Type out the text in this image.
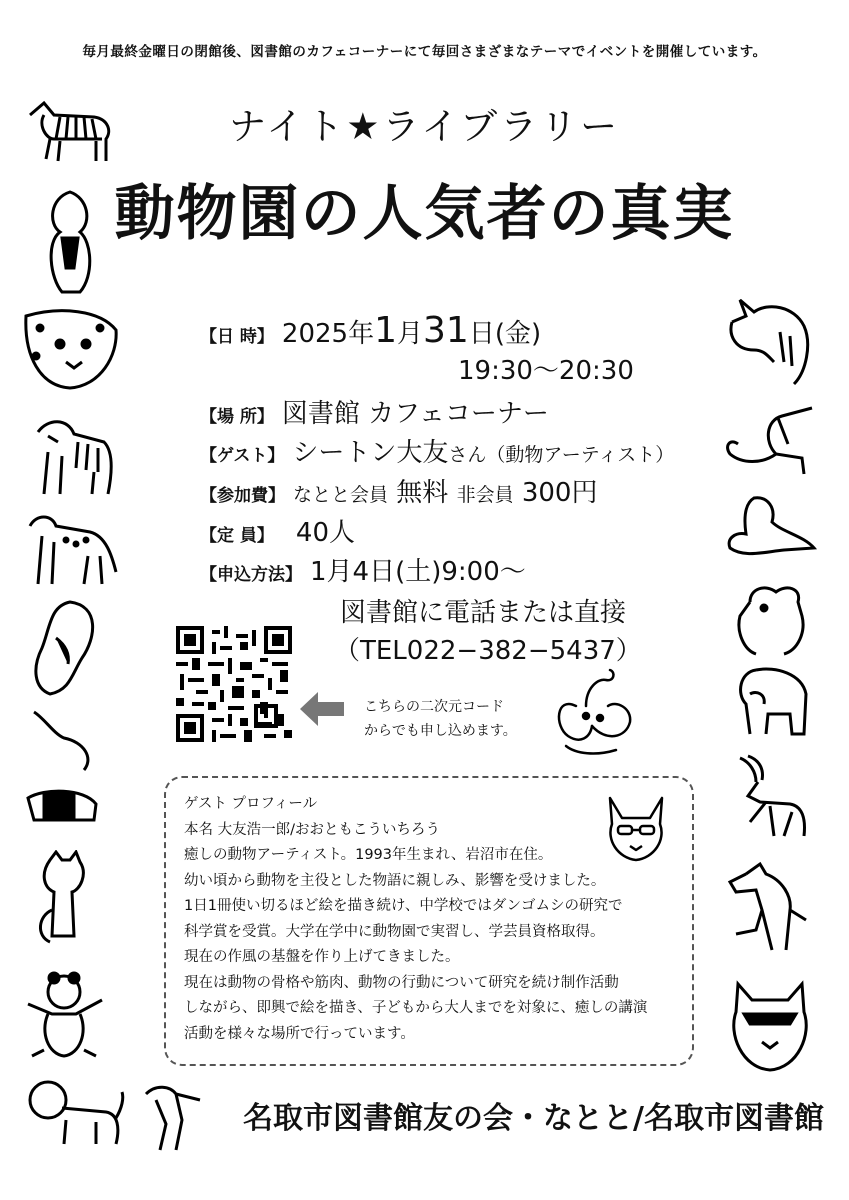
毎月最終金曜日の閉館後、図書館のカフェコーナーにて毎回さまざまなテーマでイベントを開催しています。
ナイト★ライブラリー
動物園の人気者の真実
【日 時】 2025年1月31日(金)
19:30〜20:30
【場 所】 図書館 カフェコーナー
【ゲスト】 シートン大友さん（動物アーティスト）
【参加費】 なとと会員 無料 非会員 300円
【定 員】 40人
【申込方法】 1月4日(土)9:00〜
図書館に電話または直接
（TEL022−382−5437）
こちらの二次元コード
からでも申し込めます。
ゲスト プロフィール
本名 大友浩一郎/おおともこういちろう
癒しの動物アーティスト。1993年生まれ、岩沼市在住。
幼い頃から動物を主役とした物語に親しみ、影響を受けました。
1日1冊使い切るほど絵を描き続け、中学校ではダンゴムシの研究で
科学賞を受賞。大学在学中に動物園で実習し、学芸員資格取得。
現在の作風の基盤を作り上げてきました。
現在は動物の骨格や筋肉、動物の行動について研究を続け制作活動
しながら、即興で絵を描き、子どもから大人までを対象に、癒しの講演
活動を様々な場所で行っています。
名取市図書館友の会・なとと/名取市図書館
